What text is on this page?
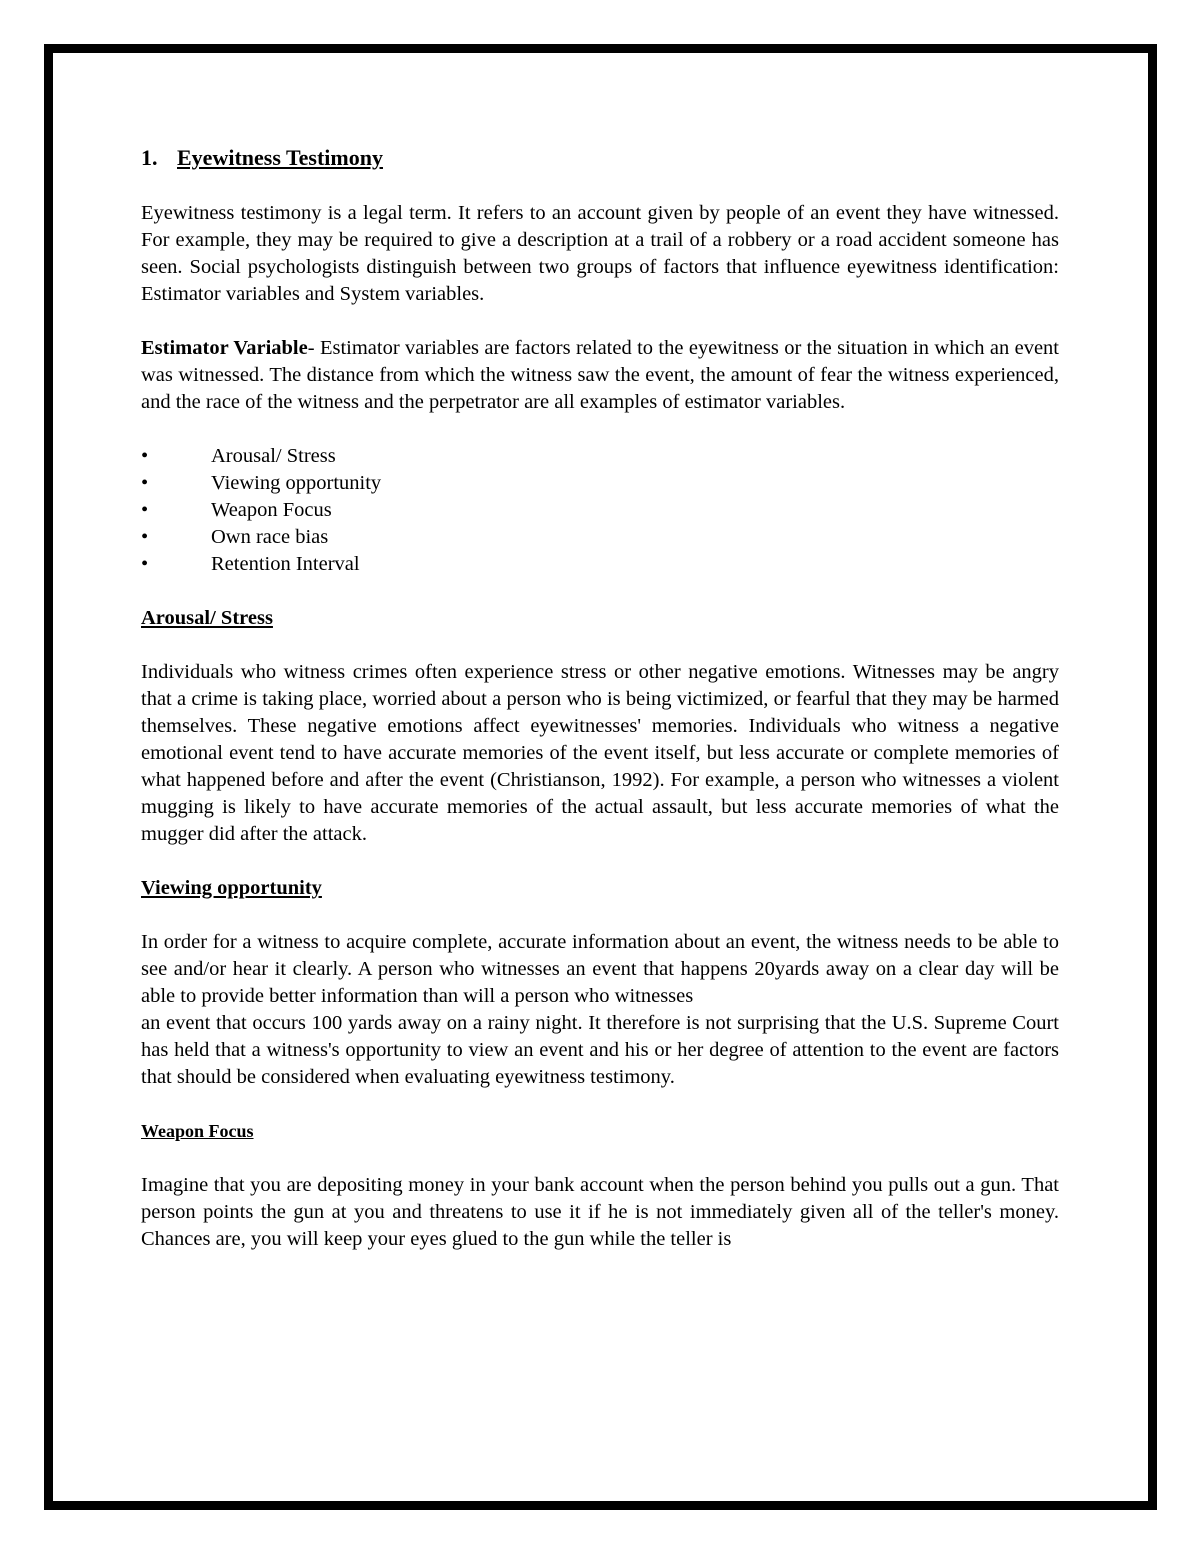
1. Eyewitness Testimony

Eyewitness testimony is a legal term. It refers to an account given by people of an event they have witnessed. For example, they may be required to give a description at a trail of a robbery or a road accident someone has seen. Social psychologists distinguish between two groups of factors that influence eyewitness identification: Estimator variables and System variables.

Estimator Variable- Estimator variables are factors related to the eyewitness or the situation in which an event was witnessed. The distance from which the witness saw the event, the amount of fear the witness experienced, and the race of the witness and the perpetrator are all examples of estimator variables.

•	Arousal/ Stress
•	Viewing opportunity
•	Weapon Focus
•	Own race bias
•	Retention Interval
Arousal/ Stress

Individuals who witness crimes often experience stress or other negative emotions. Witnesses may be angry that a crime is taking place, worried about a person who is being victimized, or fearful that they may be harmed themselves. These negative emotions affect eyewitnesses' memories. Individuals who witness a negative emotional event tend to have accurate memories of the event itself, but less accurate or complete memories of what happened before and after the event (Christianson, 1992). For example, a person who witnesses a violent mugging is likely to have accurate memories of the actual assault, but less accurate memories of what the mugger did after the attack.

Viewing opportunity

In order for a witness to acquire complete, accurate information about an event, the witness needs to be able to see and/or hear it clearly. A person who witnesses an event that happens 20yards away on a clear day will be able to provide better information than will a person who witnesses

an event that occurs 100 yards away on a rainy night. It therefore is not surprising that the U.S. Supreme Court has held that a witness's opportunity to view an event and his or her degree of attention to the event are factors that should be considered when evaluating eyewitness testimony.

Weapon Focus

Imagine that you are depositing money in your bank account when the person behind you pulls out a gun. That person points the gun at you and threatens to use it if he is not immediately given all of the teller's money. Chances are, you will keep your eyes glued to the gun while the teller is
